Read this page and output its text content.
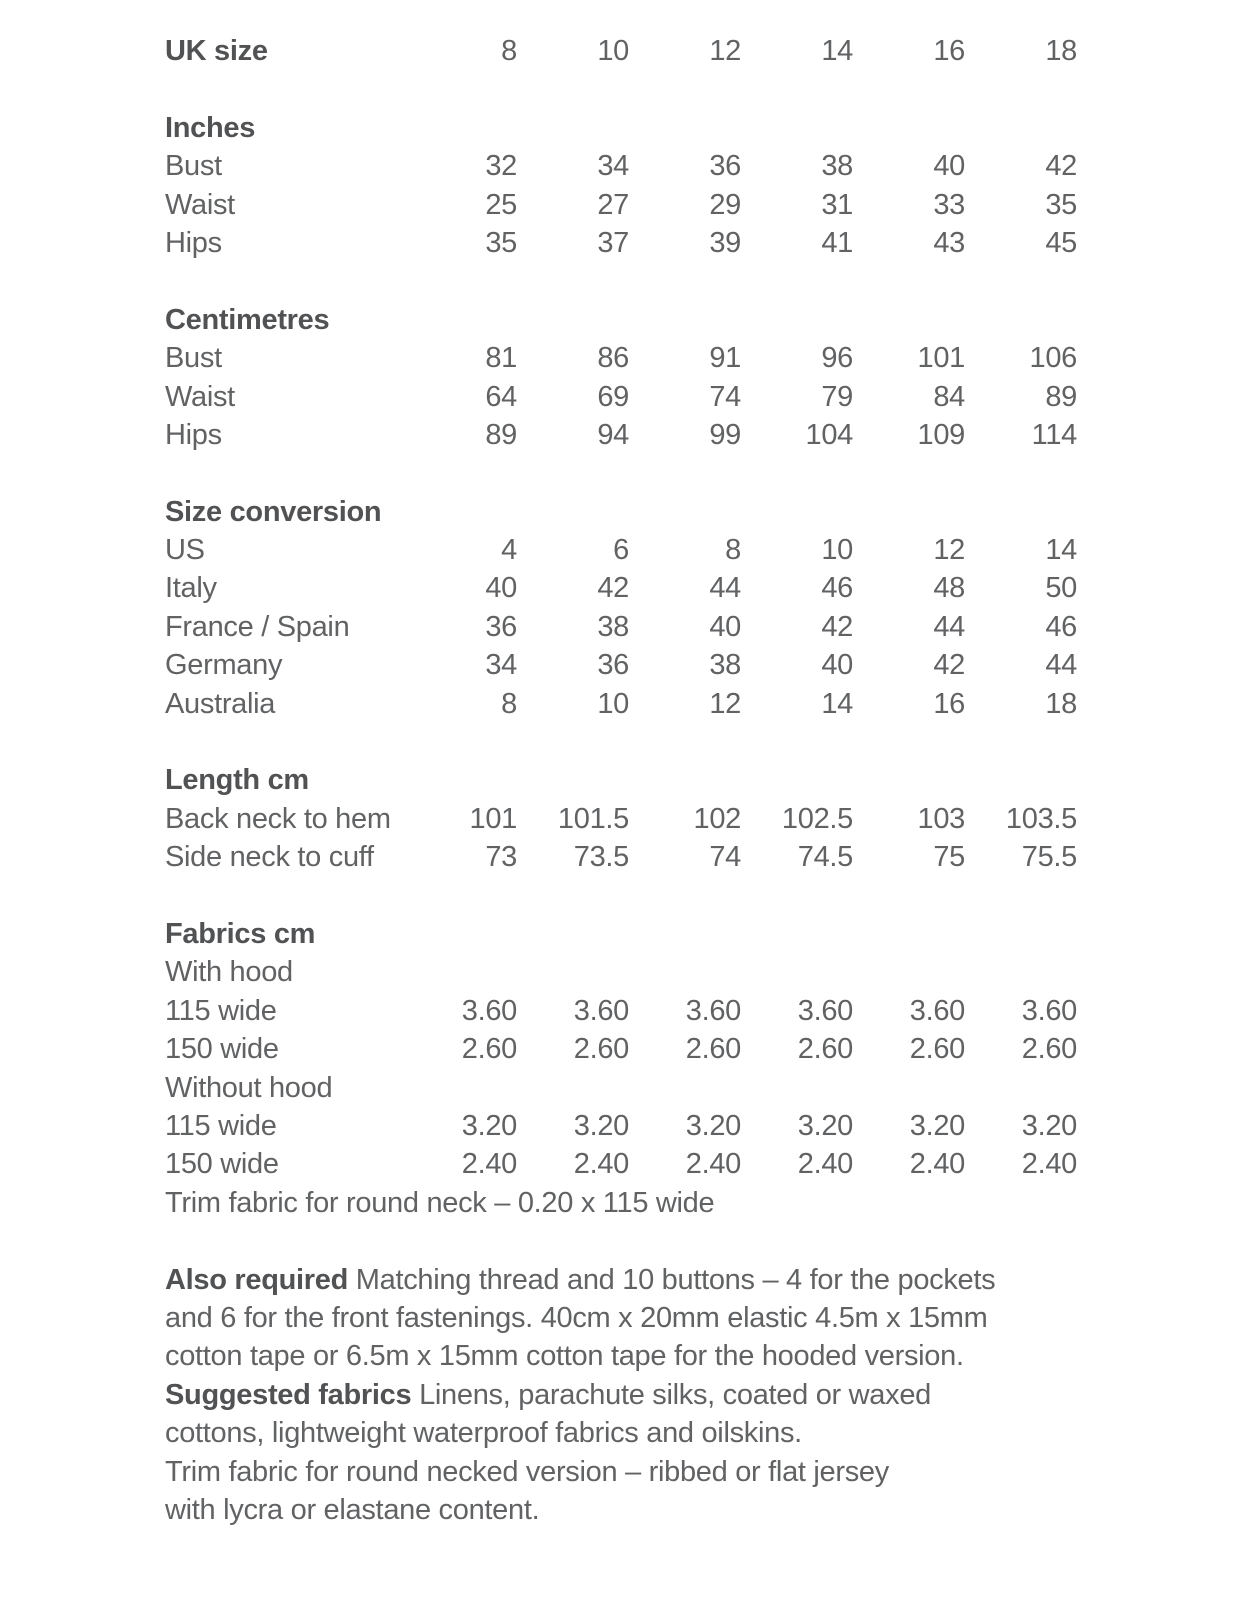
UK size	8	10	12	14	16	18
Inches
Bust	32	34	36	38	40	42
Waist	25	27	29	31	33	35
Hips	35	37	39	41	43	45
Centimetres
Bust	81	86	91	96	101	106
Waist	64	69	74	79	84	89
Hips	89	94	99	104	109	114
Size conversion
US	4	6	8	10	12	14
Italy	40	42	44	46	48	50
France / Spain	36	38	40	42	44	46
Germany	34	36	38	40	42	44
Australia	8	10	12	14	16	18
Length cm
Back neck to hem	101	101.5	102	102.5	103	103.5
Side neck to cuff	73	73.5	74	74.5	75	75.5
Fabrics cm
With hood
115 wide	3.60	3.60	3.60	3.60	3.60	3.60
150 wide	2.60	2.60	2.60	2.60	2.60	2.60
Without hood
115 wide	3.20	3.20	3.20	3.20	3.20	3.20
150 wide	2.40	2.40	2.40	2.40	2.40	2.40
Trim fabric for round neck – 0.20 x 115 wide

Also required Matching thread and 10 buttons – 4 for the pockets
and 6 for the front fastenings. 40cm x 20mm elastic 4.5m x 15mm
cotton tape or 6.5m x 15mm cotton tape for the hooded version.

Suggested fabrics Linens, parachute silks, coated or waxed
cottons, lightweight waterproof fabrics and oilskins.

Trim fabric for round necked version – ribbed or flat jersey
with lycra or elastane content.
